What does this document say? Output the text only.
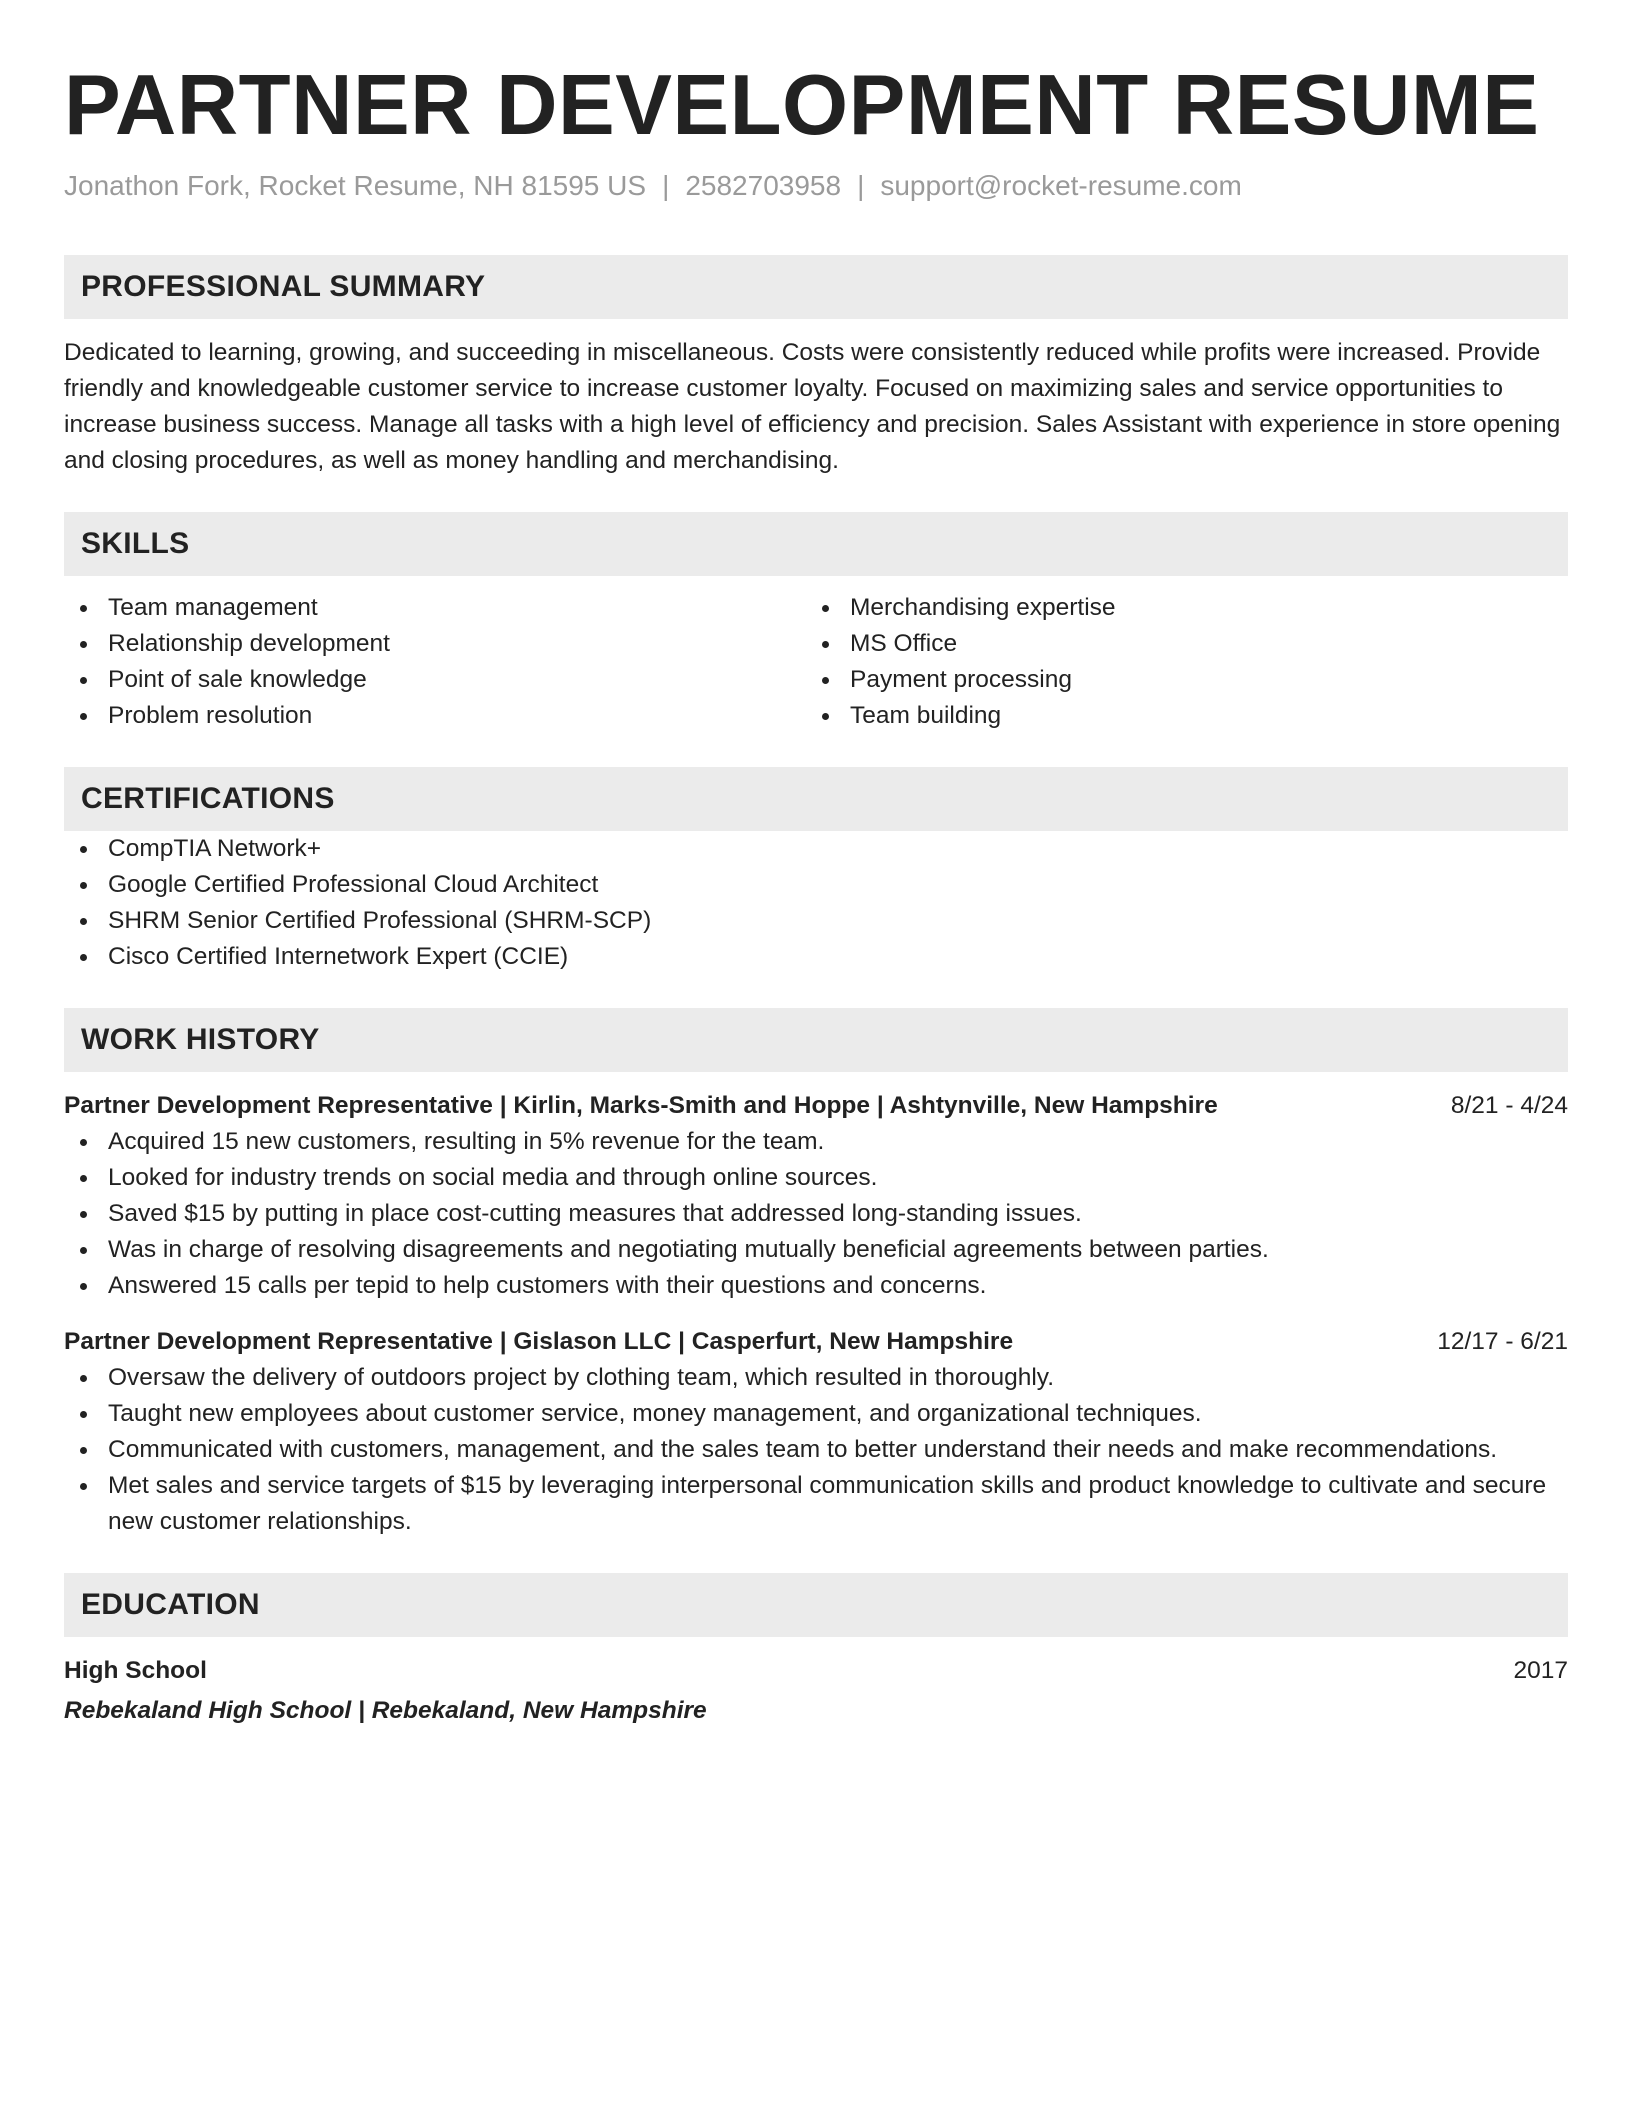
PARTNER DEVELOPMENT RESUME
Jonathon Fork, Rocket Resume, NH 81595 US | 2582703958 | support@rocket-resume.com
PROFESSIONAL SUMMARY
Dedicated to learning, growing, and succeeding in miscellaneous. Costs were consistently reduced while profits were increased. Provide friendly and knowledgeable customer service to increase customer loyalty. Focused on maximizing sales and service opportunities to increase business success. Manage all tasks with a high level of efficiency and precision. Sales Assistant with experience in store opening and closing procedures, as well as money handling and merchandising.
SKILLS
Team management
Relationship development
Point of sale knowledge
Problem resolution
Merchandising expertise
MS Office
Payment processing
Team building
CERTIFICATIONS
CompTIA Network+
Google Certified Professional Cloud Architect
SHRM Senior Certified Professional (SHRM-SCP)
Cisco Certified Internetwork Expert (CCIE)
WORK HISTORY
Partner Development Representative | Kirlin, Marks-Smith and Hoppe | Ashtynville, New Hampshire	8/21 - 4/24
Acquired 15 new customers, resulting in 5% revenue for the team.
Looked for industry trends on social media and through online sources.
Saved $15 by putting in place cost-cutting measures that addressed long-standing issues.
Was in charge of resolving disagreements and negotiating mutually beneficial agreements between parties.
Answered 15 calls per tepid to help customers with their questions and concerns.
Partner Development Representative | Gislason LLC | Casperfurt, New Hampshire	12/17 - 6/21
Oversaw the delivery of outdoors project by clothing team, which resulted in thoroughly.
Taught new employees about customer service, money management, and organizational techniques.
Communicated with customers, management, and the sales team to better understand their needs and make recommendations.
Met sales and service targets of $15 by leveraging interpersonal communication skills and product knowledge to cultivate and secure new customer relationships.
EDUCATION
High School	2017
Rebekaland High School | Rebekaland, New Hampshire
